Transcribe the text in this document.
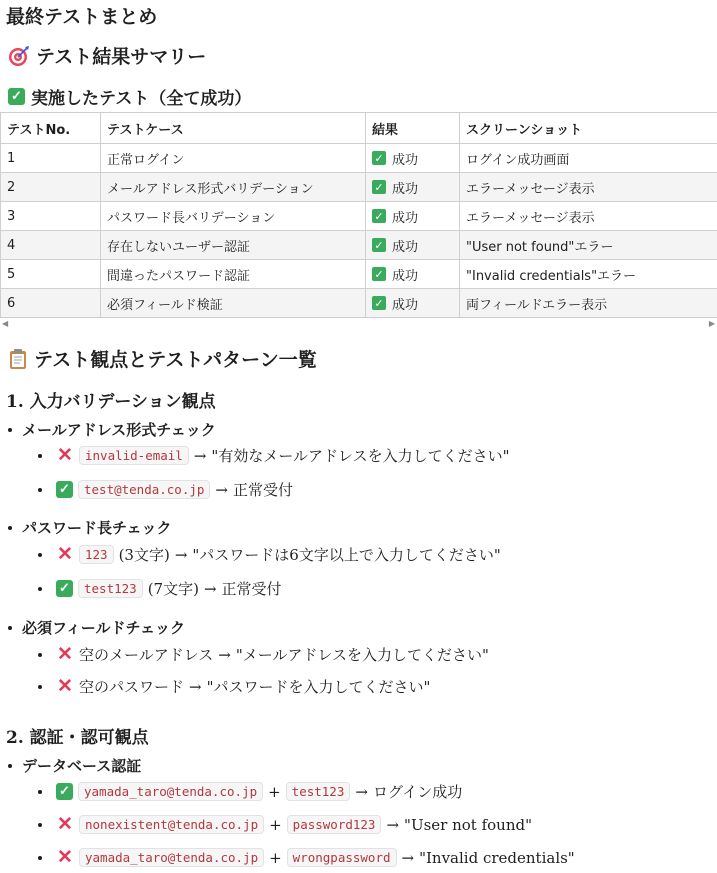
最終テストまとめ
テスト結果サマリー
✓ 実施したテスト（全て成功）
テストNo.	テストケース	結果	スクリーンショット
1	正常ログイン	✓ 成功	ログイン成功画面
2	メールアドレス形式バリデーション	✓ 成功	エラーメッセージ表示
3	パスワード長バリデーション	✓ 成功	エラーメッセージ表示
4	存在しないユーザー認証	✓ 成功	"User not found"エラー
5	間違ったパスワード認証	✓ 成功	"Invalid credentials"エラー
6	必須フィールド検証	✓ 成功	両フィールドエラー表示
◀	▶
テスト観点とテストパターン一覧
1. 入力バリデーション観点
メールアドレス形式チェック
✕ invalid-email → "有効なメールアドレスを入力してください"
✓	test@tenda.co.jp → 正常受付
パスワード長チェック
✕ 123 (3文字) → "パスワードは6文字以上で入力してください"
✓	test123 (7文字) → 正常受付
必須フィールドチェック
✕ 空のメールアドレス → "メールアドレスを入力してください"
✕ 空のパスワード → "パスワードを入力してください"
2. 認証・認可観点
データベース認証
✓	yamada_taro@tenda.co.jp + test123 → ログイン成功
✕ nonexistent@tenda.co.jp + password123 → "User not found"
✕ yamada_taro@tenda.co.jp + wrongpassword → "Invalid credentials"
